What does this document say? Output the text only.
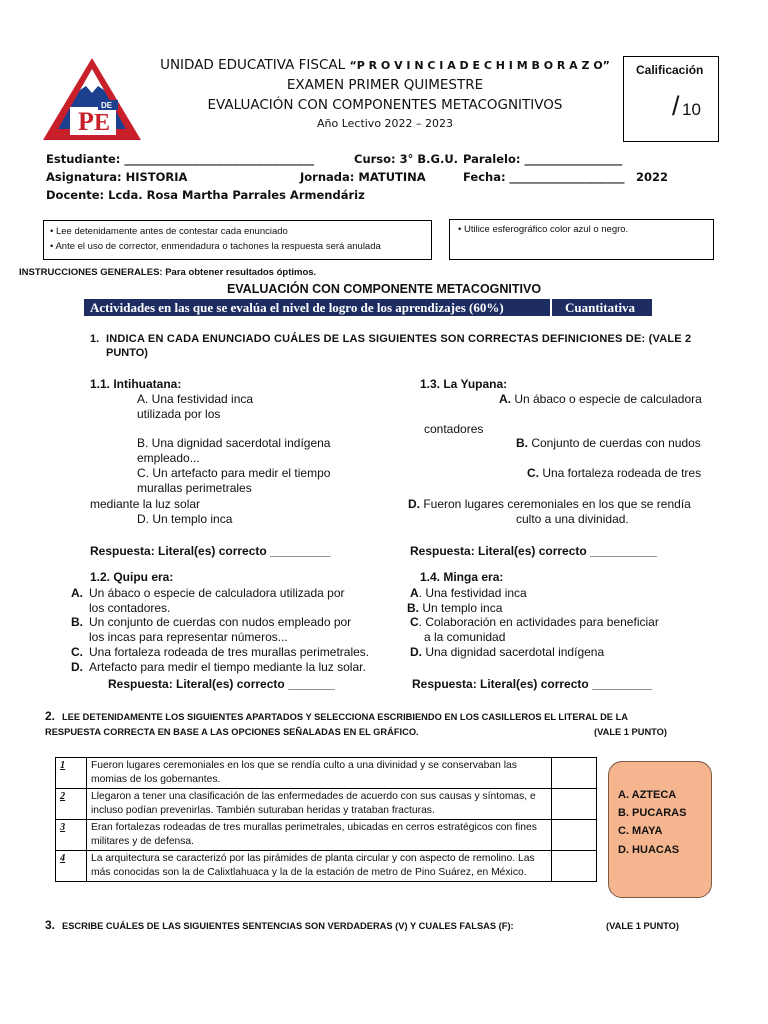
P E
DE
UNIDAD EDUCATIVA FISCAL “P R O V I N C I A D E C H I M B O R A Z O”
EXAMEN PRIMER QUIMESTRE
EVALUACIÓN CON COMPONENTES METACOGNITIVOS
Año Lectivo 2022 – 2023
Calificación
/ 10
Estudiante: _________________________________	Curso: 3° B.G.U. Paralelo: _________________
Asignatura: HISTORIA	Jornada: MATUTINA	Fecha: ____________________ 2022
Docente: Lcda. Rosa Martha Parrales Armendáriz
• Lee detenidamente antes de contestar cada enunciado
• Ante el uso de corrector, enmendadura o tachones la respuesta será anulada
• Utilice esferográfico color azul o negro.
INSTRUCCIONES GENERALES: Para obtener resultados óptimos.
EVALUACIÓN CON COMPONENTE METACOGNITIVO
Actividades en las que se evalúa el nivel de logro de los aprendizajes (60%)	Cuantitativa
1. INDICA EN CADA ENUNCIADO CUÁLES DE LAS SIGUIENTES SON CORRECTAS DEFINICIONES DE: (VALE 2
PUNTO)
1.1. Intihuatana:
A. Una festividad inca
utilizada por los
B. Una dignidad sacerdotal indígena
empleado...
C. Un artefacto para medir el tiempo
murallas perimetrales
mediante la luz solar
D. Un templo inca
Respuesta: Literal(es) correcto _________
1.3. La Yupana:
A. Un ábaco o especie de calculadora
contadores
B. Conjunto de cuerdas con nudos
C. Una fortaleza rodeada de tres
D. Fueron lugares ceremoniales en los que se rendía
culto a una divinidad.
Respuesta: Literal(es) correcto __________
1.2. Quipu era:
A. Un ábaco o especie de calculadora utilizada por
los contadores.
B. Un conjunto de cuerdas con nudos empleado por
los incas para representar números...
C. Una fortaleza rodeada de tres murallas perimetrales.
D. Artefacto para medir el tiempo mediante la luz solar.
Respuesta: Literal(es) correcto _______
1.4. Minga era:
A. Una festividad inca
B. Un templo inca
C. Colaboración en actividades para beneficiar
a la comunidad
D. Una dignidad sacerdotal indígena
Respuesta: Literal(es) correcto _________
2. LEE DETENIDAMENTE LOS SIGUIENTES APARTADOS Y SELECCIONA ESCRIBIENDO EN LOS CASILLEROS EL LITERAL DE LA
RESPUESTA CORRECTA EN BASE A LAS OPCIONES SEÑALADAS EN EL GRÁFICO.	(VALE 1 PUNTO)
1	Fueron lugares ceremoniales en los que se rendía culto a una divinidad y se conservaban las momias de los gobernantes.	
2	Llegaron a tener una clasificación de las enfermedades de acuerdo con sus causas y síntomas, e incluso podían prevenirlas. También suturaban heridas y trataban fracturas.	
3	Eran fortalezas rodeadas de tres murallas perimetrales, ubicadas en cerros estratégicos con fines militares y de defensa.	
4	La arquitectura se caracterizó por las pirámides de planta circular y con aspecto de remolino. Las más conocidas son la de Calixtlahuaca y la de la estación de metro de Pino Suárez, en México.	
A. AZTECA
B. PUCARAS
C. MAYA
D. HUACAS
3. ESCRIBE CUÁLES DE LAS SIGUIENTES SENTENCIAS SON VERDADERAS (V) Y CUALES FALSAS (F):	(VALE 1 PUNTO)
